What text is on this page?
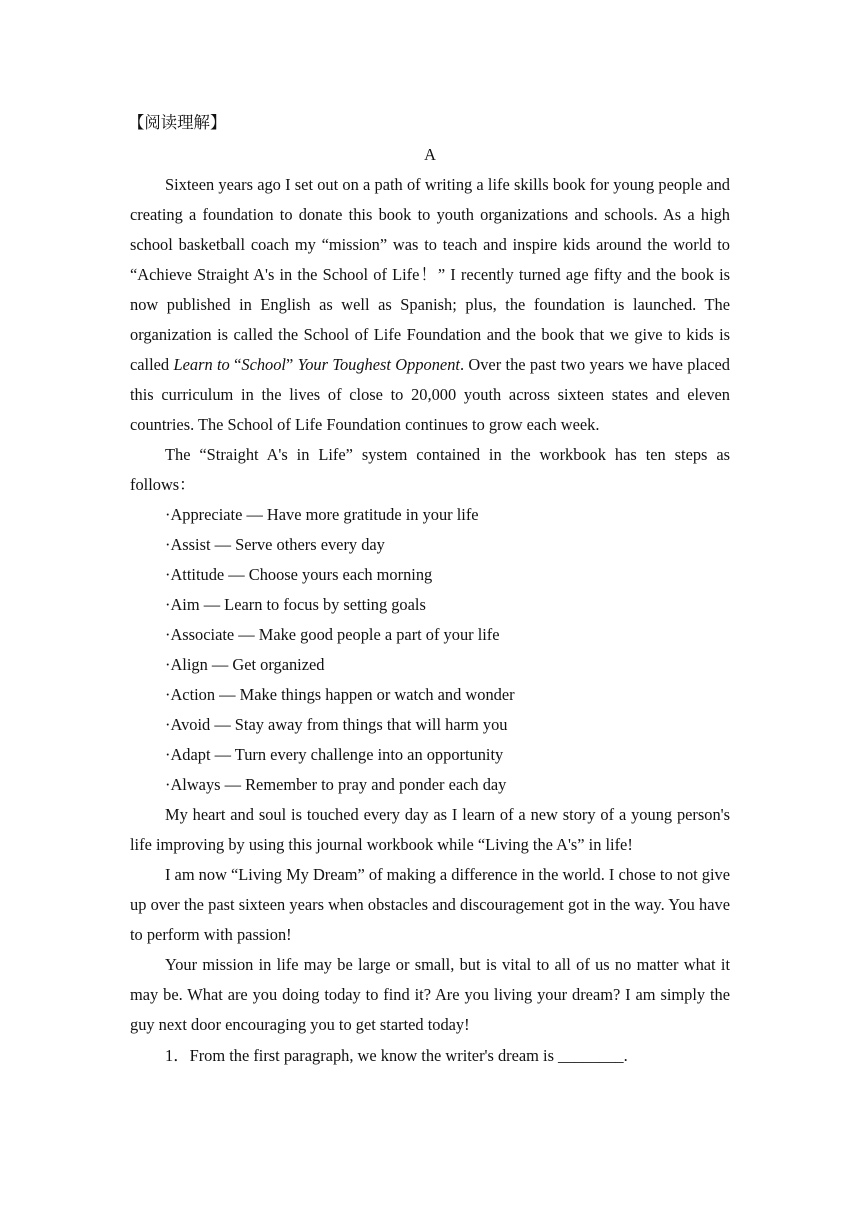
【阅读理解】
A

Sixteen years ago I set out on a path of writing a life skills book for young people and creating a foundation to donate this book to youth organizations and schools. As a high school basketball coach my “mission” was to teach and inspire kids around the world to “Achieve Straight A's in the School of Life！” I recently turned age fifty and the book is now published in English as well as Spanish; plus, the foundation is launched. The organization is called the School of Life Foundation and the book that we give to kids is called Learn to “School” Your Toughest Opponent. Over the past two years we have placed this curriculum in the lives of close to 20,000 youth across sixteen states and eleven countries. The School of Life Foundation continues to grow each week.

The “Straight A's in Life” system contained in the workbook has ten steps as follows：

·Appreciate — Have more gratitude in your life
·Assist — Serve others every day
·Attitude — Choose yours each morning
·Aim — Learn to focus by setting goals
·Associate — Make good people a part of your life
·Align — Get organized
·Action — Make things happen or watch and wonder
·Avoid — Stay away from things that will harm you
·Adapt — Turn every challenge into an opportunity
·Always — Remember to pray and ponder each day

My heart and soul is touched every day as I learn of a new story of a young person's life improving by using this journal workbook while “Living the A's” in life!

I am now “Living My Dream” of making a difference in the world. I chose to not give up over the past sixteen years when obstacles and discouragement got in the way. You have to perform with passion!

Your mission in life may be large or small, but is vital to all of us no matter what it may be. What are you doing today to find it? Are you living your dream? I am simply the guy next door encouraging you to get started today!

1．From the first paragraph, we know the writer's dream is ________.
